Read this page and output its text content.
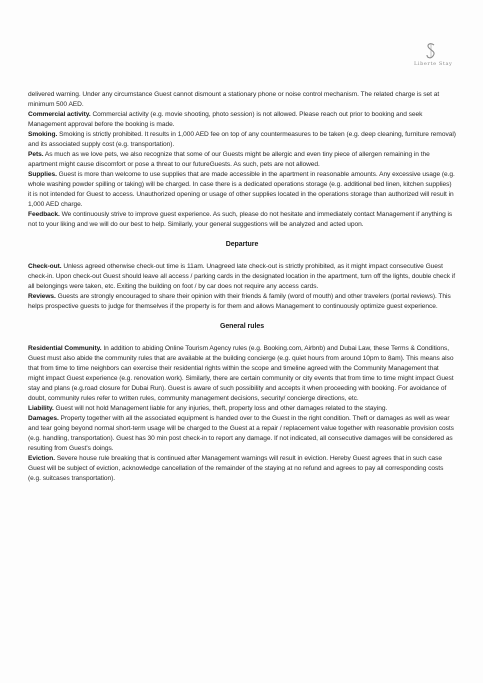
Liberte Stay

delivered warning. Under any circumstance Guest cannot dismount a stationary phone or noise control mechanism. The related charge is set at minimum 500 AED.

Commercial activity. Commercial activity (e.g. movie shooting, photo session) is not allowed. Please reach out prior to booking and seek Management approval before the booking is made.

Smoking. Smoking is strictly prohibited. It results in 1,000 AED fee on top of any countermeasures to be taken (e.g. deep cleaning, furniture removal) and its associated supply cost (e.g. transportation).

Pets. As much as we love pets, we also recognize that some of our Guests might be allergic and even tiny piece of allergen remaining in the apartment might cause discomfort or pose a threat to our futureGuests. As such, pets are not allowed.

Supplies. Guest is more than welcome to use supplies that are made accessible in the apartment in reasonable amounts. Any excessive usage (e.g. whole washing powder spilling or taking) will be charged. In case there is a dedicated operations storage (e.g. additional bed linen, kitchen supplies) it is not intended for Guest to access. Unauthorized opening or usage of other supplies located in the operations storage than authorized will result in 1,000 AED charge.

Feedback. We continuously strive to improve guest experience. As such, please do not hesitate and immediately contact Management if anything is not to your liking and we will do our best to help. Similarly, your general suggestions will be analyzed and acted upon.

Departure

Check-out. Unless agreed otherwise check-out time is 11am. Unagreed late check-out is strictly prohibited, as it might impact consecutive Guest check-in. Upon check-out Guest should leave all access / parking cards in the designated location in the apartment, turn off the lights, double check if all belongings were taken, etc. Exiting the building on foot / by car does not require any access cards.

Reviews. Guests are strongly encouraged to share their opinion with their friends & family (word of mouth) and other travelers (portal reviews). This helps prospective guests to judge for themselves if the property is for them and allows Management to continuously optimize guest experience.

General rules

Residential Community. In addition to abiding Online Tourism Agency rules (e.g. Booking.com, Airbnb) and Dubai Law, these Terms & Conditions, Guest must also abide the community rules that are available at the building concierge (e.g. quiet hours from around 10pm to 8am). This means also that from time to time neighbors can exercise their residential rights within the scope and timeline agreed with the Community Management that might impact Guest experience (e.g. renovation work). Similarly, there are certain community or city events that from time to time might impact Guest stay and plans (e.g.road closure for Dubai Run). Guest is aware of such possibility and accepts it when proceeding with booking. For avoidance of doubt, community rules refer to written rules, community management decisions, security/ concierge directions, etc.

Liability. Guest will not hold Management liable for any injuries, theft, property loss and other damages related to the staying.

Damages. Property together with all the associated equipment is handed over to the Guest in the right condition. Theft or damages as well as wear and tear going beyond normal short-term usage will be charged to the Guest at a repair / replacement value together with reasonable provision costs (e.g. handling, transportation). Guest has 30 min post check-in to report any damage. If not indicated, all consecutive damages will be considered as resulting from Guest's doings.

Eviction. Severe house rule breaking that is continued after Management warnings will result in eviction. Hereby Guest agrees that in such case Guest will be subject of eviction, acknowledge cancellation of the remainder of the staying at no refund and agrees to pay all corresponding costs (e.g. suitcases transportation).
